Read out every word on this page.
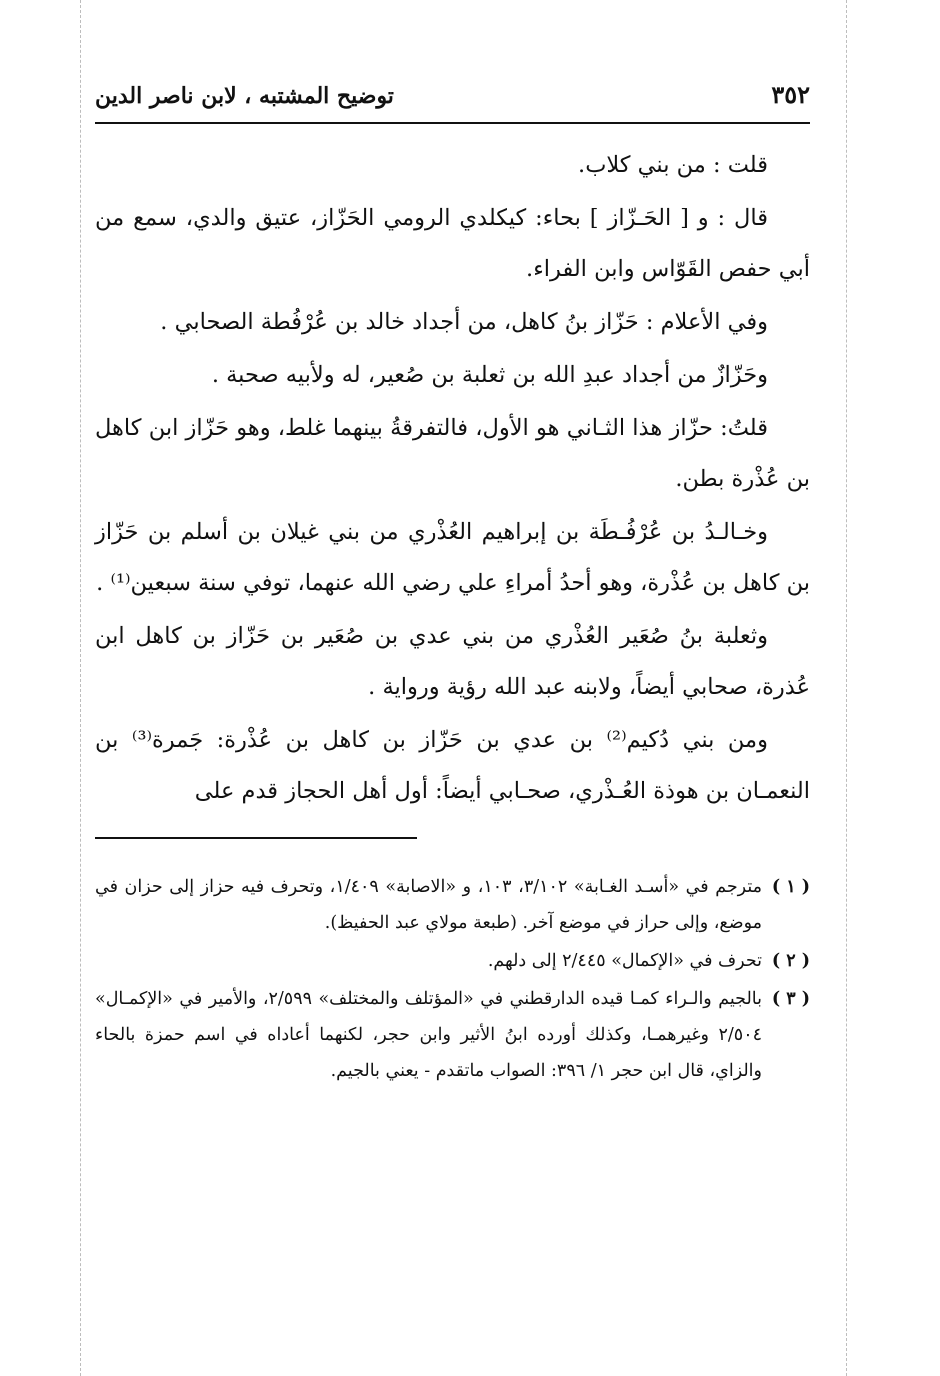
٣٥٢
توضيح المشتبه ، لابن ناصر الدين

قلت : من بني كلاب.

قال : و [ الحَـزّاز ] بحاء: كيكلدي الرومي الحَزّاز، عتيق والدي، سمع من أبي حفص القَوّاس وابن الفراء.

وفي الأعلام : حَزّاز بنُ كاهل، من أجداد خالد بن عُرْفُطة الصحابي .

وحَزّازٌ من أجداد عبدِ الله بن ثعلبة بن صُعير، له ولأبيه صحبة .

قلتُ: حزّاز هذا الثـاني هو الأول، فالتفرقةُ بينهما غلط، وهو حَزّاز ابن كاهل بن عُذْرة بطن.

وخـالـدُ بن عُرْفُـطَة بن إبراهيم العُذْري من بني غيلان بن أسلم بن حَزّاز بن كاهل بن عُذْرة، وهو أحدُ أمراءِ علي رضي الله عنهما، توفي سنة سبعين⁽¹⁾ .

وثعلبة بنُ صُعَير العُذْري من بني عدي بن صُعَير بن حَزّاز بن كاهل ابن عُذرة، صحابي أيضاً، ولابنه عبد الله رؤية ورواية .

ومن بني دُكيم⁽²⁾ بن عدي بن حَزّاز بن كاهل بن عُذْرة: جَمرة⁽³⁾ بن النعمـان بن هوذة العُـذْري، صحـابي أيضاً: أول أهل الحجاز قدم على

( ١ )مترجم في «أسـد الغـابة» ٣/١٠٢، ١٠٣، و «الاصابة» ١/٤٠٩، وتحرف فيه حزاز إلى حزان في موضع، وإلى حراز في موضع آخر. (طبعة مولاي عبد الحفيظ).

( ٢ )تحرف في «الإكمال» ٢/٤٤٥ إلى دلهم.

( ٣ )بالجيم والـراء كمـا قيده الدارقطني في «المؤتلف والمختلف» ٢/٥٩٩، والأمير في «الإكمـال» ٢/٥٠٤ وغيرهمـا، وكذلك أورده ابنُ الأثير وابن حجر، لكنهما أعاداه في اسم حمزة بالحاء والزاي، قال ابن حجر ١/ ٣٩٦: الصواب ماتقدم - يعني بالجيم.
